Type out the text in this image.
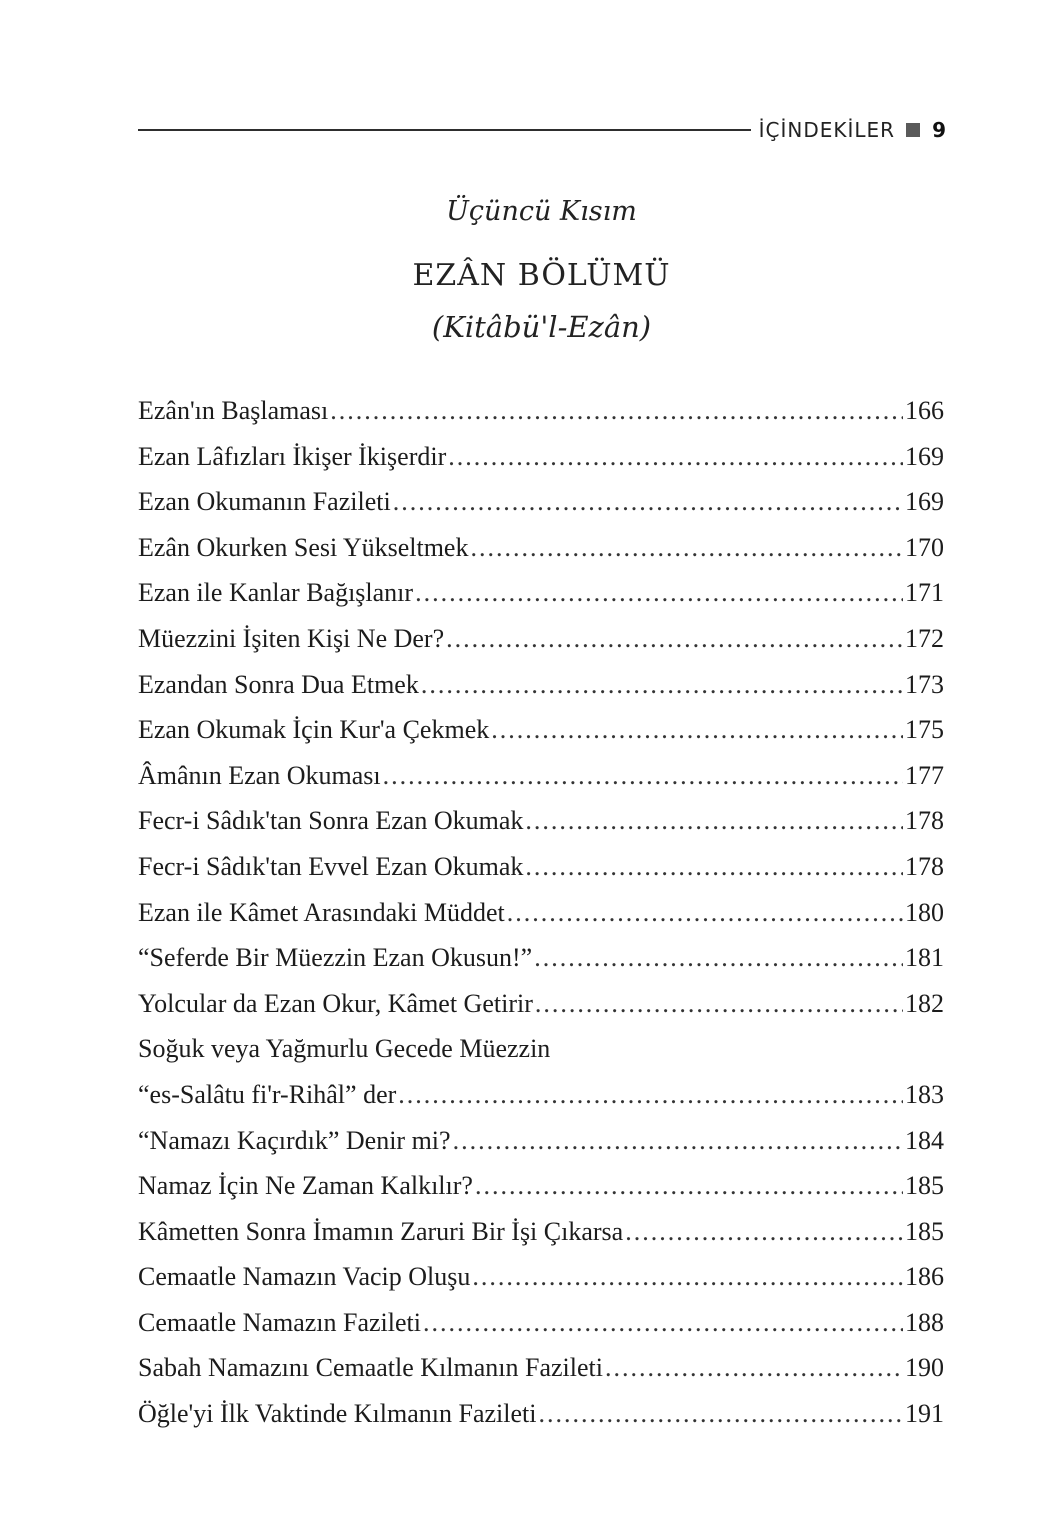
İÇİNDEKİLER 9
Üçüncü Kısım
EZÂN BÖLÜMÜ
(Kitâbü'l-Ezân)
Ezân'ın Başlaması .....	166
Ezan Lâfızları İkişer İkişerdir .....	169
Ezan Okumanın Fazileti .....	169
Ezân Okurken Sesi Yükseltmek .....	170
Ezan ile Kanlar Bağışlanır .....	171
Müezzini İşiten Kişi Ne Der? .....	172
Ezandan Sonra Dua Etmek .....	173
Ezan Okumak İçin Kur'a Çekmek .....	175
Âmânın Ezan Okuması .....	177
Fecr-i Sâdık'tan Sonra Ezan Okumak .....	178
Fecr-i Sâdık'tan Evvel Ezan Okumak .....	178
Ezan ile Kâmet Arasındaki Müddet .....	180
“Seferde Bir Müezzin Ezan Okusun!” .....	181
Yolcular da Ezan Okur, Kâmet Getirir .....	182
Soğuk veya Yağmurlu Gecede Müezzin
“es-Salâtu fi'r-Rihâl” der .....	183
“Namazı Kaçırdık” Denir mi? .....	184
Namaz İçin Ne Zaman Kalkılır? .....	185
Kâmetten Sonra İmamın Zaruri Bir İşi Çıkarsa .....	185
Cemaatle Namazın Vacip Oluşu .....	186
Cemaatle Namazın Fazileti .....	188
Sabah Namazını Cemaatle Kılmanın Fazileti .....	190
Öğle'yi İlk Vaktinde Kılmanın Fazileti .....	191
